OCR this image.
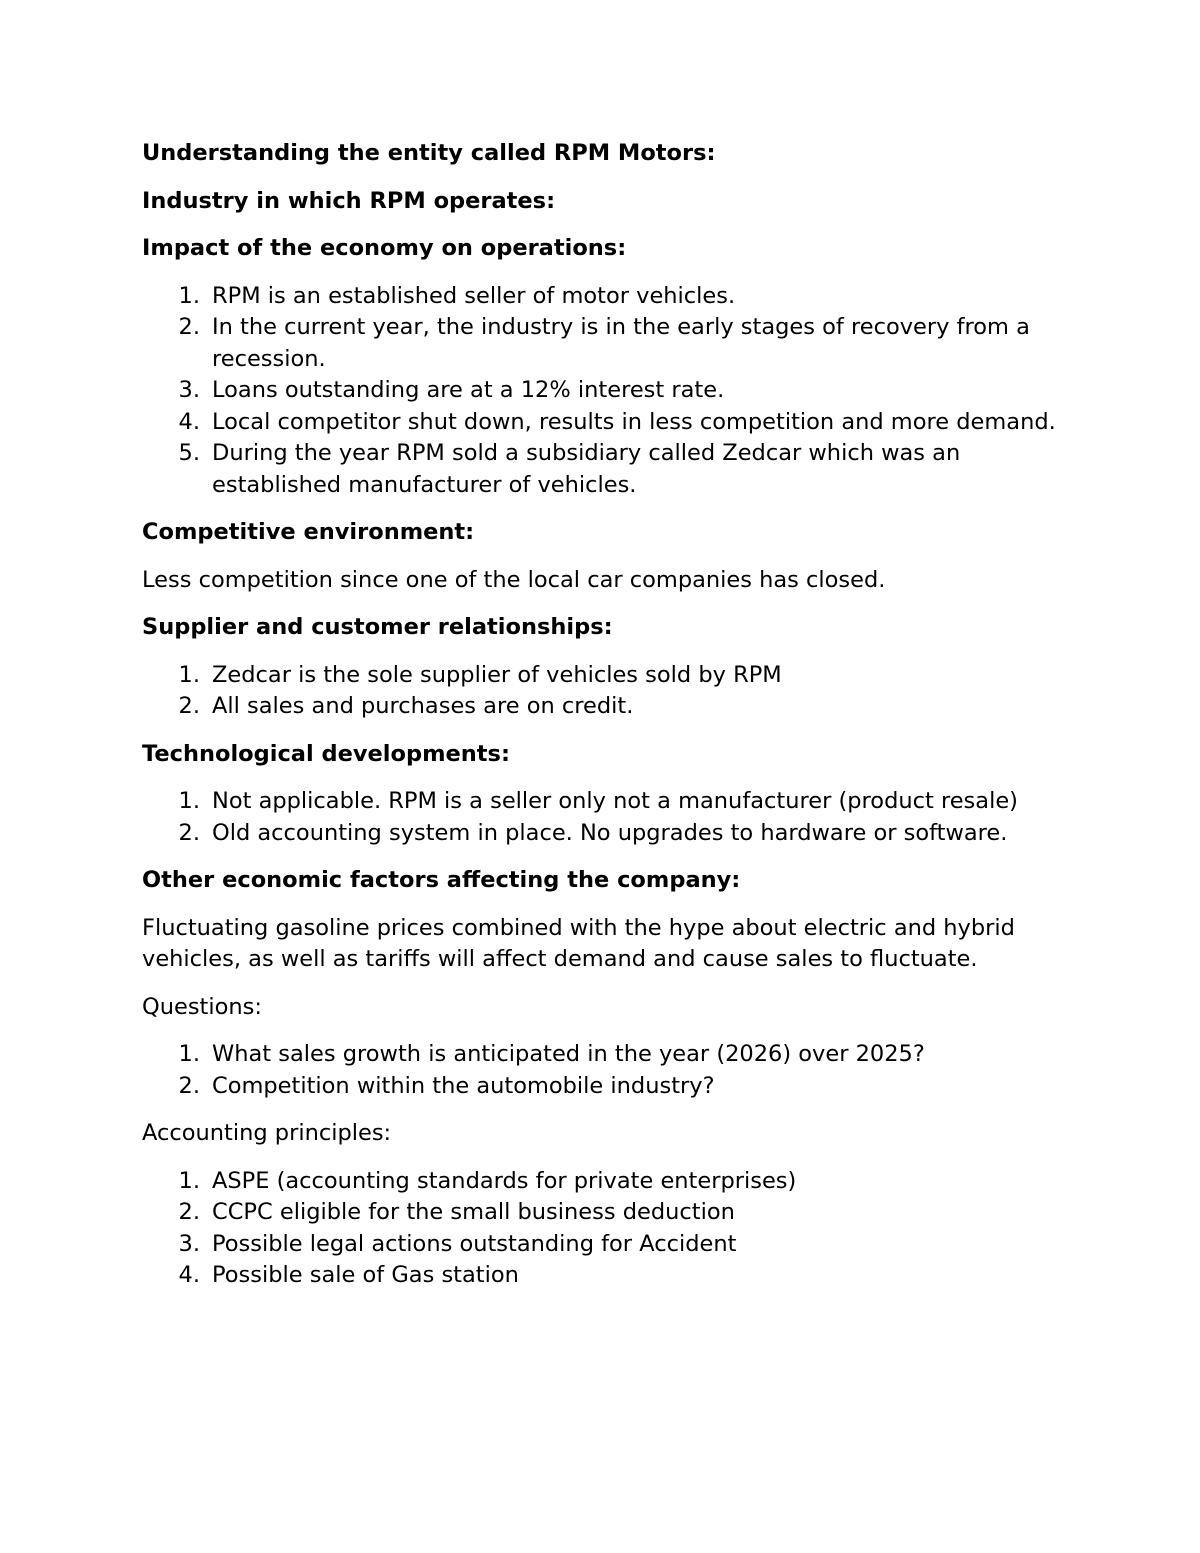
Understanding the entity called RPM Motors:

Industry in which RPM operates:

Impact of the economy on operations:

1. RPM is an established seller of motor vehicles.
2. In the current year, the industry is in the early stages of recovery from a recession.
3. Loans outstanding are at a 12% interest rate.
4. Local competitor shut down, results in less competition and more demand.
5. During the year RPM sold a subsidiary called Zedcar which was an established manufacturer of vehicles.

Competitive environment:

Less competition since one of the local car companies has closed.

Supplier and customer relationships:

1. Zedcar is the sole supplier of vehicles sold by RPM
2. All sales and purchases are on credit.

Technological developments:

1. Not applicable. RPM is a seller only not a manufacturer (product resale)
2. Old accounting system in place. No upgrades to hardware or software.

Other economic factors affecting the company:

Fluctuating gasoline prices combined with the hype about electric and hybrid vehicles, as well as tariffs will affect demand and cause sales to fluctuate.

Questions:

1. What sales growth is anticipated in the year (2026) over 2025?
2. Competition within the automobile industry?

Accounting principles:

1. ASPE (accounting standards for private enterprises)
2. CCPC eligible for the small business deduction
3. Possible legal actions outstanding for Accident
4. Possible sale of Gas station
